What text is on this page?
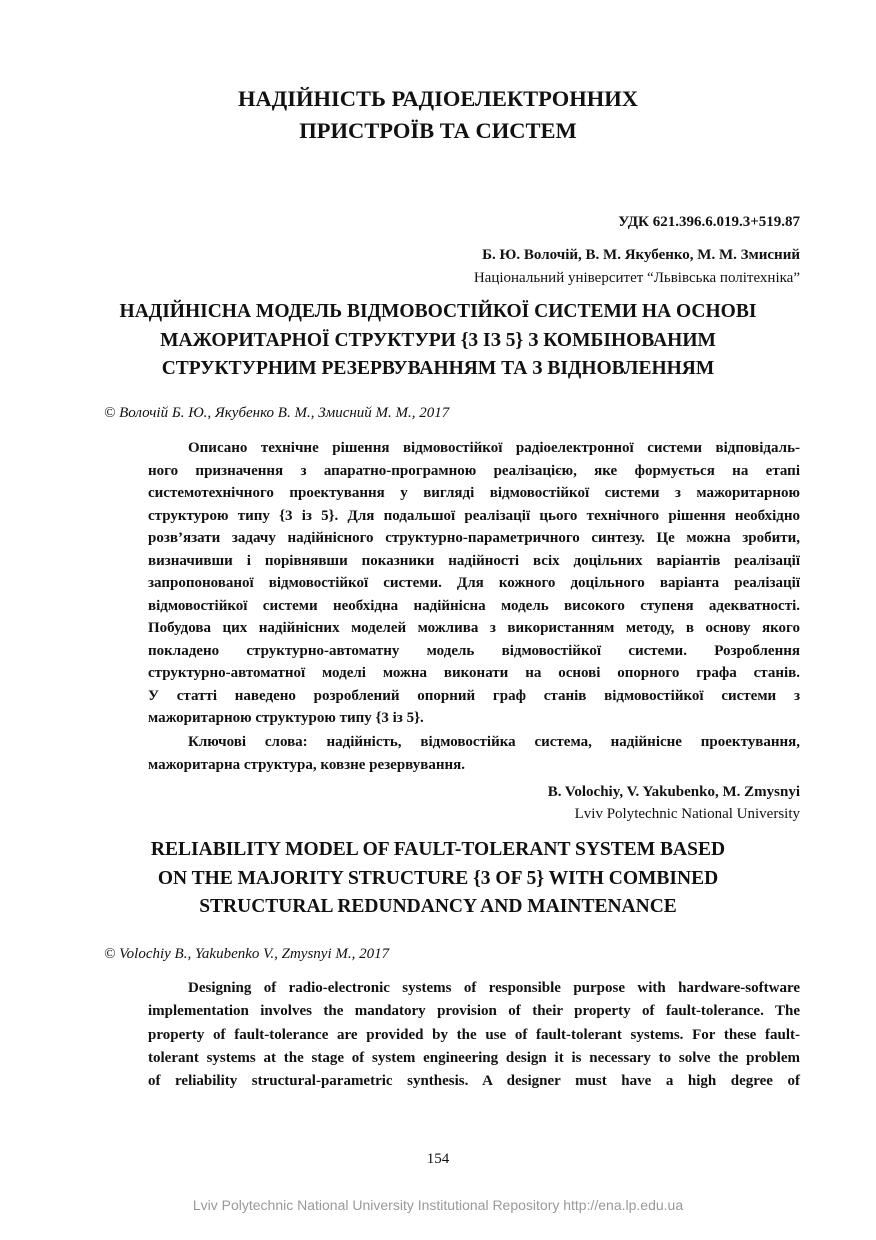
НАДІЙНІСТЬ РАДІОЕЛЕКТРОННИХ
ПРИСТРОЇВ ТА СИСТЕМ
УДК 621.396.6.019.3+519.87
Б. Ю. Волочій, В. М. Якубенко, М. М. Змисний
Національний університет “Львівська політехніка”
НАДІЙНІСНА МОДЕЛЬ ВІДМОВОСТІЙКОЇ СИСТЕМИ НА ОСНОВІ
МАЖОРИТАРНОЇ СТРУКТУРИ {3 ІЗ 5} З КОМБІНОВАНИМ
СТРУКТУРНИМ РЕЗЕРВУВАННЯМ ТА З ВІДНОВЛЕННЯМ
© Волочій Б. Ю., Якубенко В. М., Змисний М. М., 2017
Описано технічне рішення відмовостійкої радіоелектронної системи відповідаль-
ного призначення з апаратно-програмною реалізацією, яке формується на етапі
системотехнічного проектування у вигляді відмовостійкої системи з мажоритарною
структурою типу {3 із 5}. Для подальшої реалізації цього технічного рішення необхідно
розв’язати задачу надійнісного структурно-параметричного синтезу. Це можна зробити,
визначивши і порівнявши показники надійності всіх доцільних варіантів реалізації
запропонованої відмовостійкої системи. Для кожного доцільного варіанта реалізації
відмовостійкої системи необхідна надійнісна модель високого ступеня адекватності.
Побудова цих надійнісних моделей можлива з використанням методу, в основу якого
покладено структурно-автоматну модель відмовостійкої системи. Розроблення
структурно-автоматної моделі можна виконати на основі опорного графа станів.
У статті наведено розроблений опорний граф станів відмовостійкої системи з
мажоритарною структурою типу {3 із 5}.
Ключові слова: надійність, відмовостійка система, надійнісне проектування,
мажоритарна структура, ковзне резервування.
B. Volochiy, V. Yakubenko, M. Zmysnyi
Lviv Polytechnic National University
RELIABILITY MODEL OF FAULT-TOLERANT SYSTEM BASED
ON THE MAJORITY STRUCTURE {3 OF 5} WITH COMBINED
STRUCTURAL REDUNDANCY AND MAINTENANCE
© Volochiy B., Yakubenko V., Zmysnyi M., 2017
Designing of radio-electronic systems of responsible purpose with hardware-software
implementation involves the mandatory provision of their property of fault-tolerance. The
property of fault-tolerance are provided by the use of fault-tolerant systems. For these fault-
tolerant systems at the stage of system engineering design it is necessary to solve the problem
of reliability structural-parametric synthesis. A designer must have a high degree of
154
Lviv Polytechnic National University Institutional Repository http://ena.lp.edu.ua
